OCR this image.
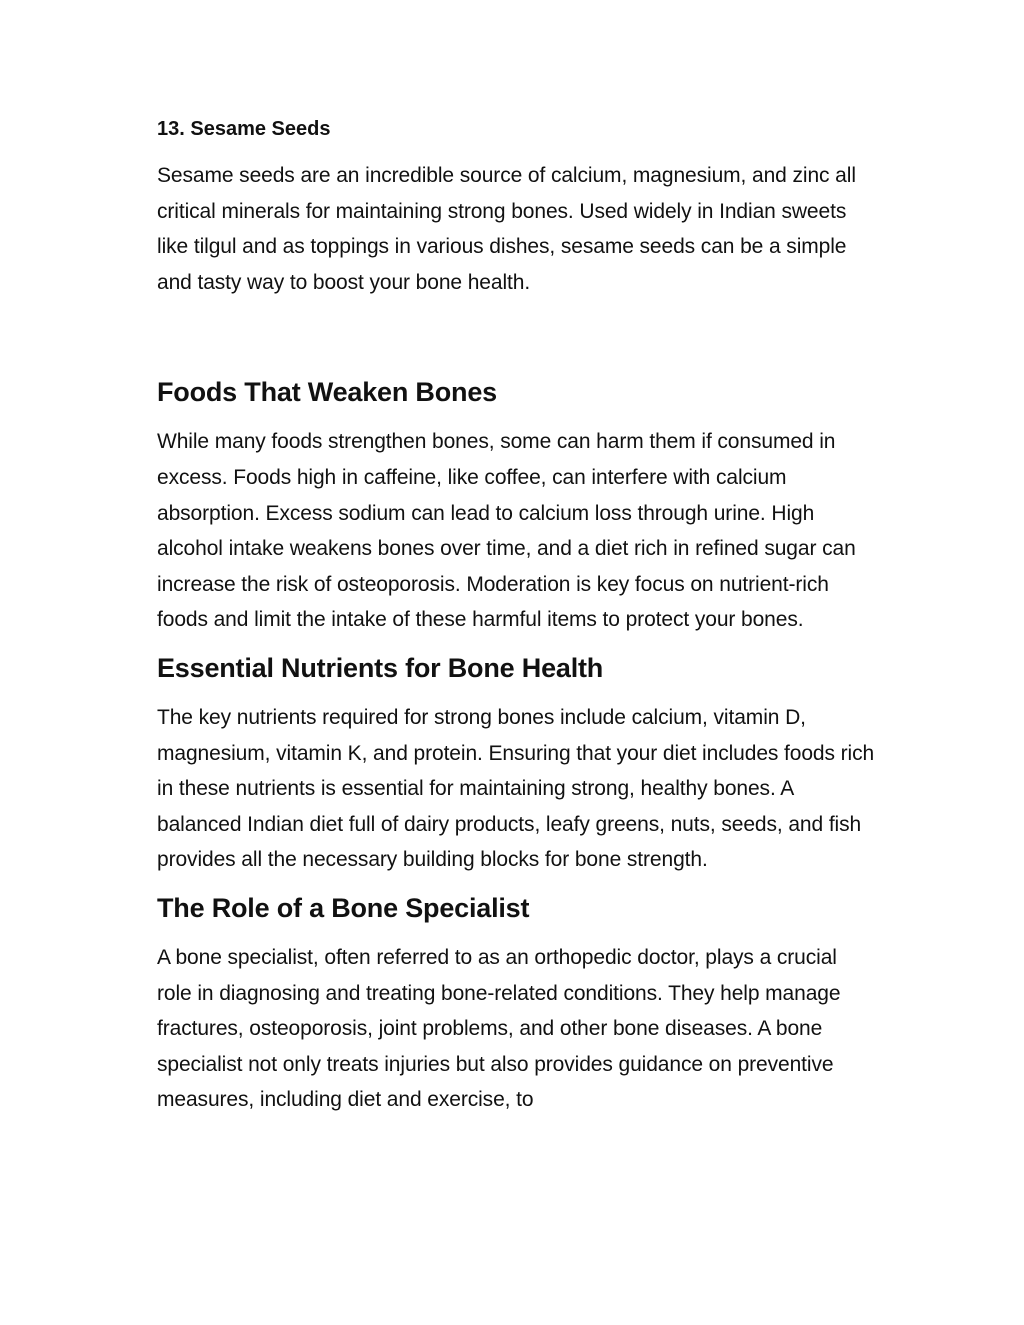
13. Sesame Seeds

Sesame seeds are an incredible source of calcium, magnesium, and zinc all critical minerals for maintaining strong bones. Used widely in Indian sweets like tilgul and as toppings in various dishes, sesame seeds can be a simple and tasty way to boost your bone health.

Foods That Weaken Bones

While many foods strengthen bones, some can harm them if consumed in excess. Foods high in caffeine, like coffee, can interfere with calcium absorption. Excess sodium can lead to calcium loss through urine. High alcohol intake weakens bones over time, and a diet rich in refined sugar can increase the risk of osteoporosis. Moderation is key focus on nutrient-rich foods and limit the intake of these harmful items to protect your bones.

Essential Nutrients for Bone Health

The key nutrients required for strong bones include calcium, vitamin D, magnesium, vitamin K, and protein. Ensuring that your diet includes foods rich in these nutrients is essential for maintaining strong, healthy bones. A balanced Indian diet full of dairy products, leafy greens, nuts, seeds, and fish provides all the necessary building blocks for bone strength.

The Role of a Bone Specialist

A bone specialist, often referred to as an orthopedic doctor, plays a crucial role in diagnosing and treating bone-related conditions. They help manage fractures, osteoporosis, joint problems, and other bone diseases. A bone specialist not only treats injuries but also provides guidance on preventive measures, including diet and exercise, to
